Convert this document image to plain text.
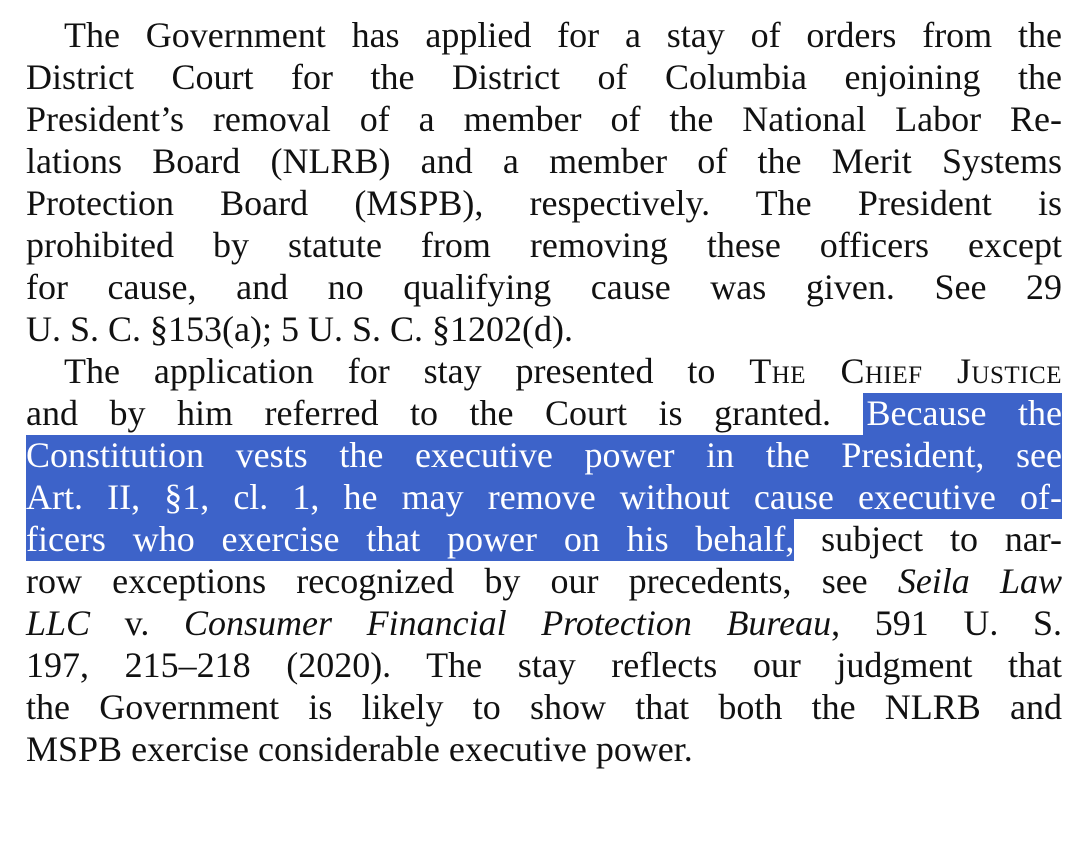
The Government has applied for a stay of orders from the
District Court for the District of Columbia enjoining the
President’s removal of a member of the National Labor Re-
lations Board (NLRB) and a member of the Merit Systems
Protection Board (MSPB), respectively. The President is
prohibited by statute from removing these officers except
for cause, and no qualifying cause was given. See 29
U. S. C. §153(a); 5 U. S. C. §1202(d).
The application for stay presented to The Chief Justice
and by him referred to the Court is granted. Because the
Constitution vests the executive power in the President, see
Art. II, §1, cl. 1, he may remove without cause executive of-
ficers who exercise that power on his behalf, subject to nar-
row exceptions recognized by our precedents, see Seila Law
LLC v. Consumer Financial Protection Bureau, 591 U. S.
197, 215–218 (2020). The stay reflects our judgment that
the Government is likely to show that both the NLRB and
MSPB exercise considerable executive power.
